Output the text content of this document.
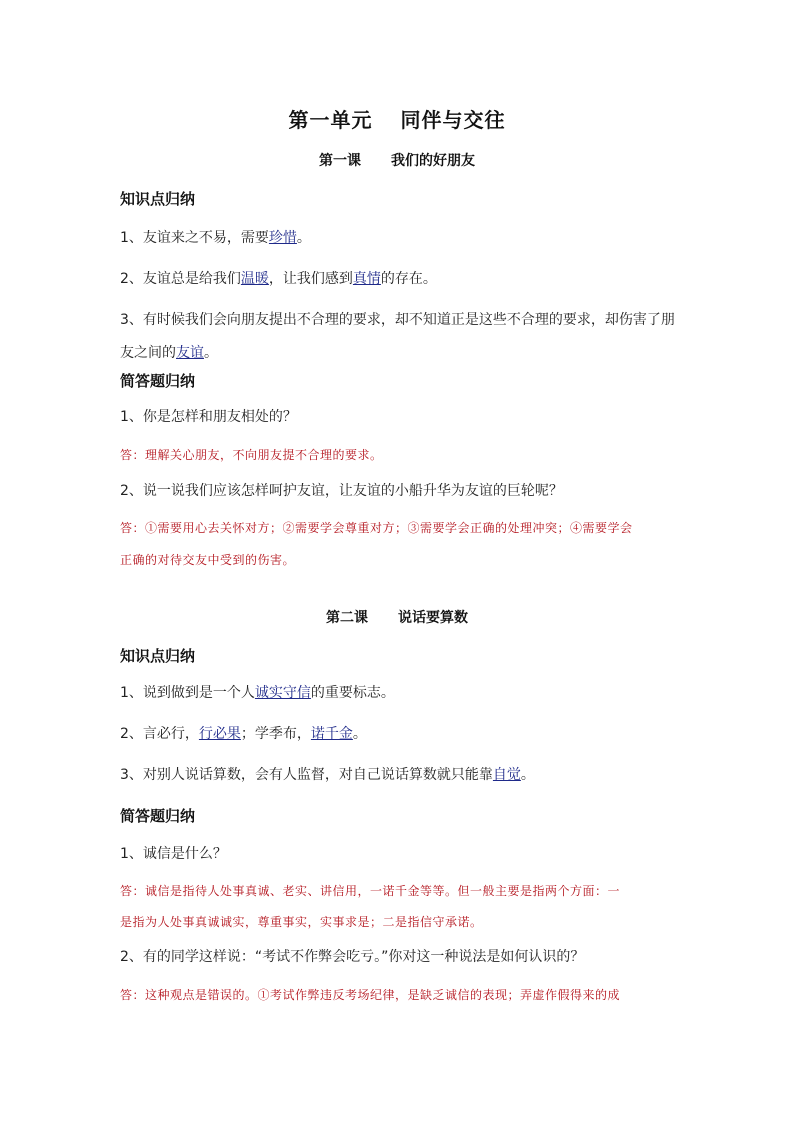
第一单元 同伴与交往
第一课 我们的好朋友
知识点归纳
1、友谊来之不易，需要珍惜。
2、友谊总是给我们温暖，让我们感到真情的存在。
3、有时候我们会向朋友提出不合理的要求，却不知道正是这些不合理的要求，却伤害了朋
友之间的友谊。
简答题归纳
1、你是怎样和朋友相处的？
答：理解关心朋友，不向朋友提不合理的要求。
2、说一说我们应该怎样呵护友谊，让友谊的小船升华为友谊的巨轮呢？
答：①需要用心去关怀对方；②需要学会尊重对方；③需要学会正确的处理冲突；④需要学会
正确的对待交友中受到的伤害。
第二课 说话要算数
知识点归纳
1、说到做到是一个人诚实守信的重要标志。
2、言必行，行必果；学季布，诺千金。
3、对别人说话算数，会有人监督，对自己说话算数就只能靠自觉。
简答题归纳
1、诚信是什么？
答：诚信是指待人处事真诚、老实、讲信用，一诺千金等等。但一般主要是指两个方面：一
是指为人处事真诚诚实，尊重事实，实事求是；二是指信守承诺。
2、有的同学这样说：“考试不作弊会吃亏。”你对这一种说法是如何认识的？
答：这种观点是错误的。①考试作弊违反考场纪律，是缺乏诚信的表现；弄虚作假得来的成
